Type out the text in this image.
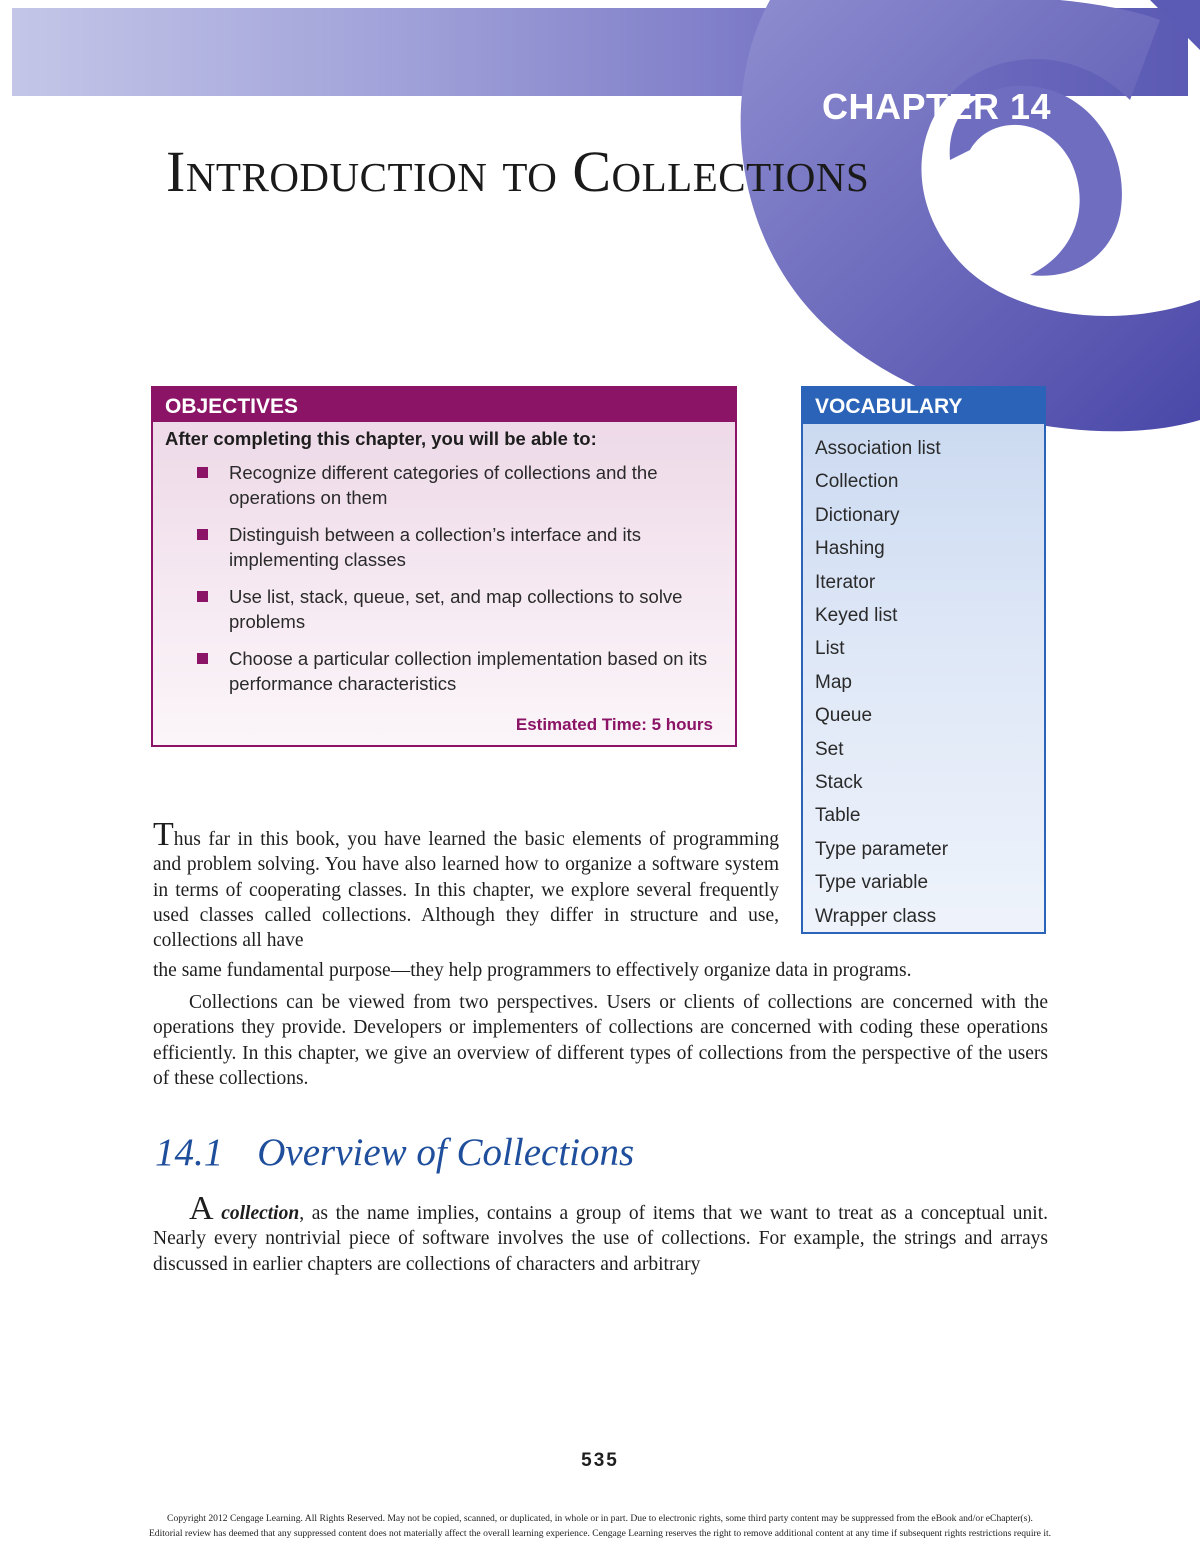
CHAPTER 14
Introduction to Collections
OBJECTIVES
After completing this chapter, you will be able to:
Recognize different categories of collections and the operations on them
Distinguish between a collection’s interface and its implementing classes
Use list, stack, queue, set, and map collections to solve problems
Choose a particular collection implementation based on its performance characteristics
Estimated Time: 5 hours
VOCABULARY
Association list
Collection
Dictionary
Hashing
Iterator
Keyed list
List
Map
Queue
Set
Stack
Table
Type parameter
Type variable
Wrapper class

Thus far in this book, you have learned the basic elements of programming and problem solving. You have also learned how to organize a software system in terms of cooperating classes. In this chapter, we explore several frequently used classes called collections. Although they differ in structure and use, collections all have

the same fundamental purpose—they help programmers to effectively organize data in programs.

Collections can be viewed from two perspectives. Users or clients of collections are concerned with the operations they provide. Developers or implementers of collections are concerned with coding these operations efficiently. In this chapter, we give an overview of different types of collections from the perspective of the users of these collections.

14.1 Overview of Collections

A collection, as the name implies, contains a group of items that we want to treat as a conceptual unit. Nearly every nontrivial piece of software involves the use of collections. For example, the strings and arrays discussed in earlier chapters are collections of characters and arbitrary

535
Copyright 2012 Cengage Learning. All Rights Reserved. May not be copied, scanned, or duplicated, in whole or in part. Due to electronic rights, some third party content may be suppressed from the eBook and/or eChapter(s).
Editorial review has deemed that any suppressed content does not materially affect the overall learning experience. Cengage Learning reserves the right to remove additional content at any time if subsequent rights restrictions require it.
